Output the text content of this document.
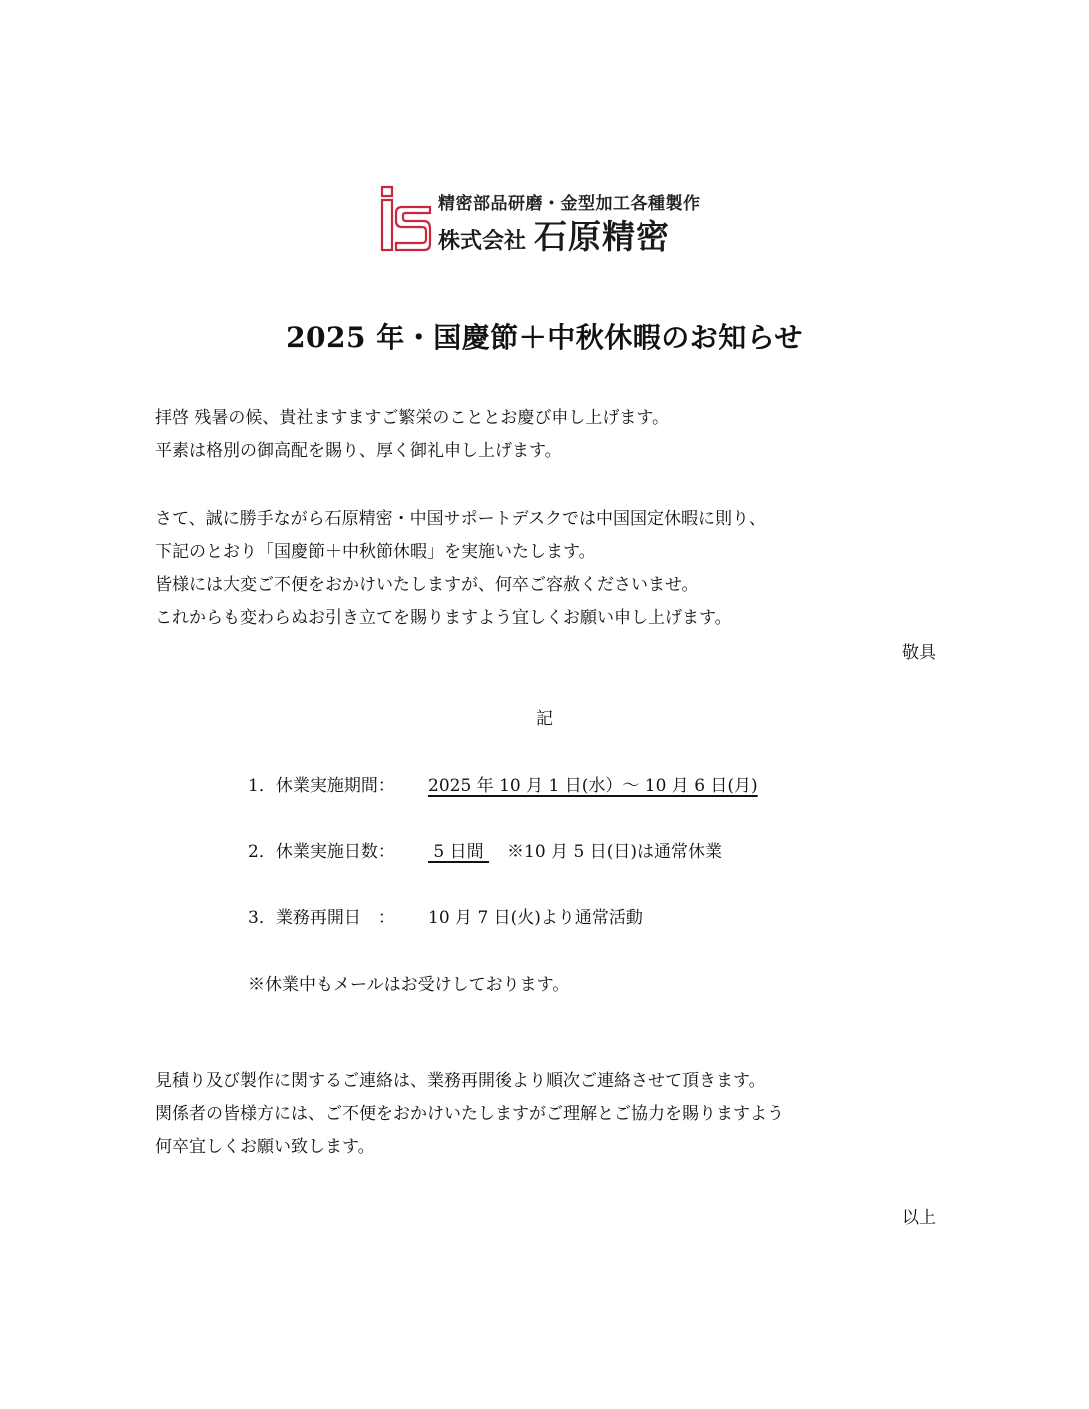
精密部品研磨・金型加工各種製作
株式会社 石原精密
2025 年・国慶節＋中秋休暇のお知らせ

拝啓 残暑の候、貴社ますますご繁栄のこととお慶び申し上げます。

平素は格別の御高配を賜り、厚く御礼申し上げます。

さて、誠に勝手ながら石原精密・中国サポートデスクでは中国国定休暇に則り、

下記のとおり「国慶節＋中秋節休暇」を実施いたします。

皆様には大変ご不便をおかけいたしますが、何卒ご容赦くださいませ。

これからも変わらぬお引き立てを賜りますよう宜しくお願い申し上げます。

敬具
記
1．休業実施期間： 2025 年 10 月 1 日(水）～ 10 月 6 日(月)
2．休業実施日数： 5 日間 ※10 月 5 日(日)は通常休業
3．業務再開日　： 10 月 7 日(火)より通常活動
※休業中もメールはお受けしております。

見積り及び製作に関するご連絡は、業務再開後より順次ご連絡させて頂きます。

関係者の皆様方には、ご不便をおかけいたしますがご理解とご協力を賜りますよう

何卒宜しくお願い致します。

以上
